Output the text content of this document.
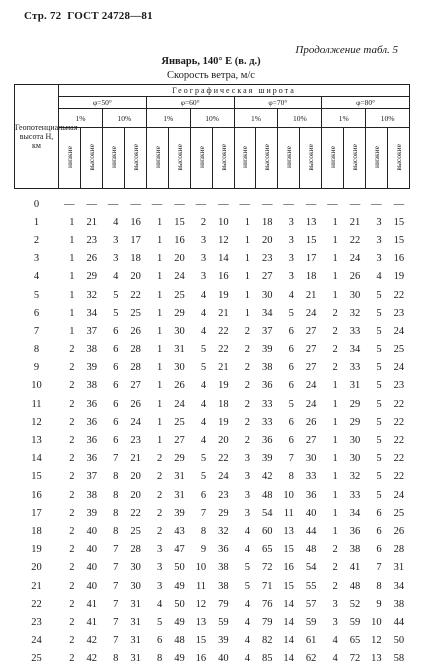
Стр. 72 ГОСТ 24728—81
Продолжение табл. 5
Январь, 140° Е (в. д.)
Скорость ветра, м/с
Геопотенциальная высота H, км	Географическая широта															
	φ=50°				φ=60°				φ=70°				φ=80°			
	1%		10%		1%		10%		1%		10%		1%		10%	
	низкие	высокие	низкие	высокие	низкие	высокие	низкие	высокие	низкие	высокие	низкие	высокие	низкие	высокие	низкие	высокие

0	—	—	—	—	—	—	—	—	—	—	—	—	—	—	—	—
1	1	21	4	16	1	15	2	10	1	18	3	13	1	21	3	15
2	1	23	3	17	1	16	3	12	1	20	3	15	1	22	3	15
3	1	26	3	18	1	20	3	14	1	23	3	17	1	24	3	16
4	1	29	4	20	1	24	3	16	1	27	3	18	1	26	4	19
5	1	32	5	22	1	25	4	19	1	30	4	21	1	30	5	22
6	1	34	5	25	1	29	4	21	1	34	5	24	2	32	5	23
7	1	37	6	26	1	30	4	22	2	37	6	27	2	33	5	24
8	2	38	6	28	1	31	5	22	2	39	6	27	2	34	5	25
9	2	39	6	28	1	30	5	21	2	38	6	27	2	33	5	24
10	2	38	6	27	1	26	4	19	2	36	6	24	1	31	5	23
11	2	36	6	26	1	24	4	18	2	33	5	24	1	29	5	22
12	2	36	6	24	1	25	4	19	2	33	6	26	1	29	5	22
13	2	36	6	23	1	27	4	20	2	36	6	27	1	30	5	22
14	2	36	7	21	2	29	5	22	3	39	7	30	1	30	5	22
15	2	37	8	20	2	31	5	24	3	42	8	33	1	32	5	22
16	2	38	8	20	2	31	6	23	3	48	10	36	1	33	5	24
17	2	39	8	22	2	39	7	29	3	54	11	40	1	34	6	25
18	2	40	8	25	2	43	8	32	4	60	13	44	1	36	6	26
19	2	40	7	28	3	47	9	36	4	65	15	48	2	38	6	28
20	2	40	7	30	3	50	10	38	5	72	16	54	2	41	7	31
21	2	40	7	30	3	49	11	38	5	71	15	55	2	48	8	34
22	2	41	7	31	4	50	12	79	4	76	14	57	3	52	9	38
23	2	41	7	31	5	49	13	59	4	79	14	59	3	59	10	44
24	2	42	7	31	6	48	15	39	4	82	14	61	4	65	12	50
25	2	42	8	31	8	49	16	40	4	85	14	62	4	72	13	58
